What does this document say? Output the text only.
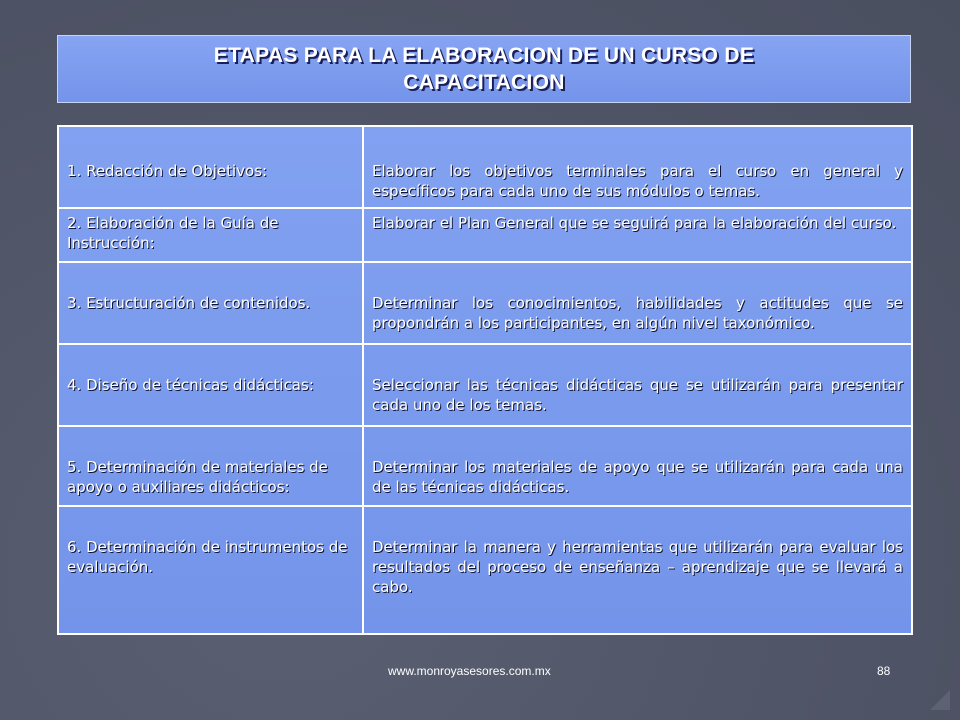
ETAPAS PARA LA ELABORACION DE UN CURSO DE CAPACITACION
1. Redacción de Objetivos:	Elaborar los objetivos terminales para el curso en general y específicos para cada uno de sus módulos o temas.
2. Elaboración de la Guía de Instrucción:	Elaborar el Plan General que se seguirá para la elaboración del curso.
3. Estructuración de contenidos.	Determinar los conocimientos, habilidades y actitudes que se propondrán a los participantes, en algún nivel taxonómico.
4. Diseño de técnicas didácticas:	Seleccionar las técnicas didácticas que se utilizarán para presentar cada uno de los temas.
5. Determinación de materiales de apoyo o auxiliares didácticos:	Determinar los materiales de apoyo que se utilizarán para cada una de las técnicas didácticas.
6. Determinación de instrumentos de evaluación.	Determinar la manera y herramientas que utilizarán para evaluar los resultados del proceso de enseñanza – aprendizaje que se llevará a cabo.
www.monroyasesores.com.mx	88
